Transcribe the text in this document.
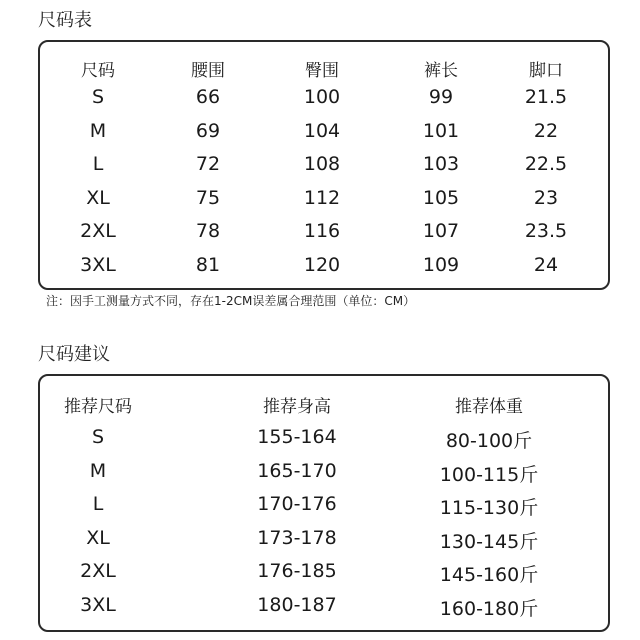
尺码表
尺码	腰围	臀围	裤长	脚口
S	66	100	99	21.5
M	69	104	101	22
L	72	108	103	22.5
XL	75	112	105	23
2XL	78	116	107	23.5
3XL	81	120	109	24
注：因手工测量方式不同，存在1-2CM误差属合理范围（单位：CM）
尺码建议
推荐尺码	推荐身高	推荐体重
S	155-164	80-100斤
M	165-170	100-115斤
L	170-176	115-130斤
XL	173-178	130-145斤
2XL	176-185	145-160斤
3XL	180-187	160-180斤
